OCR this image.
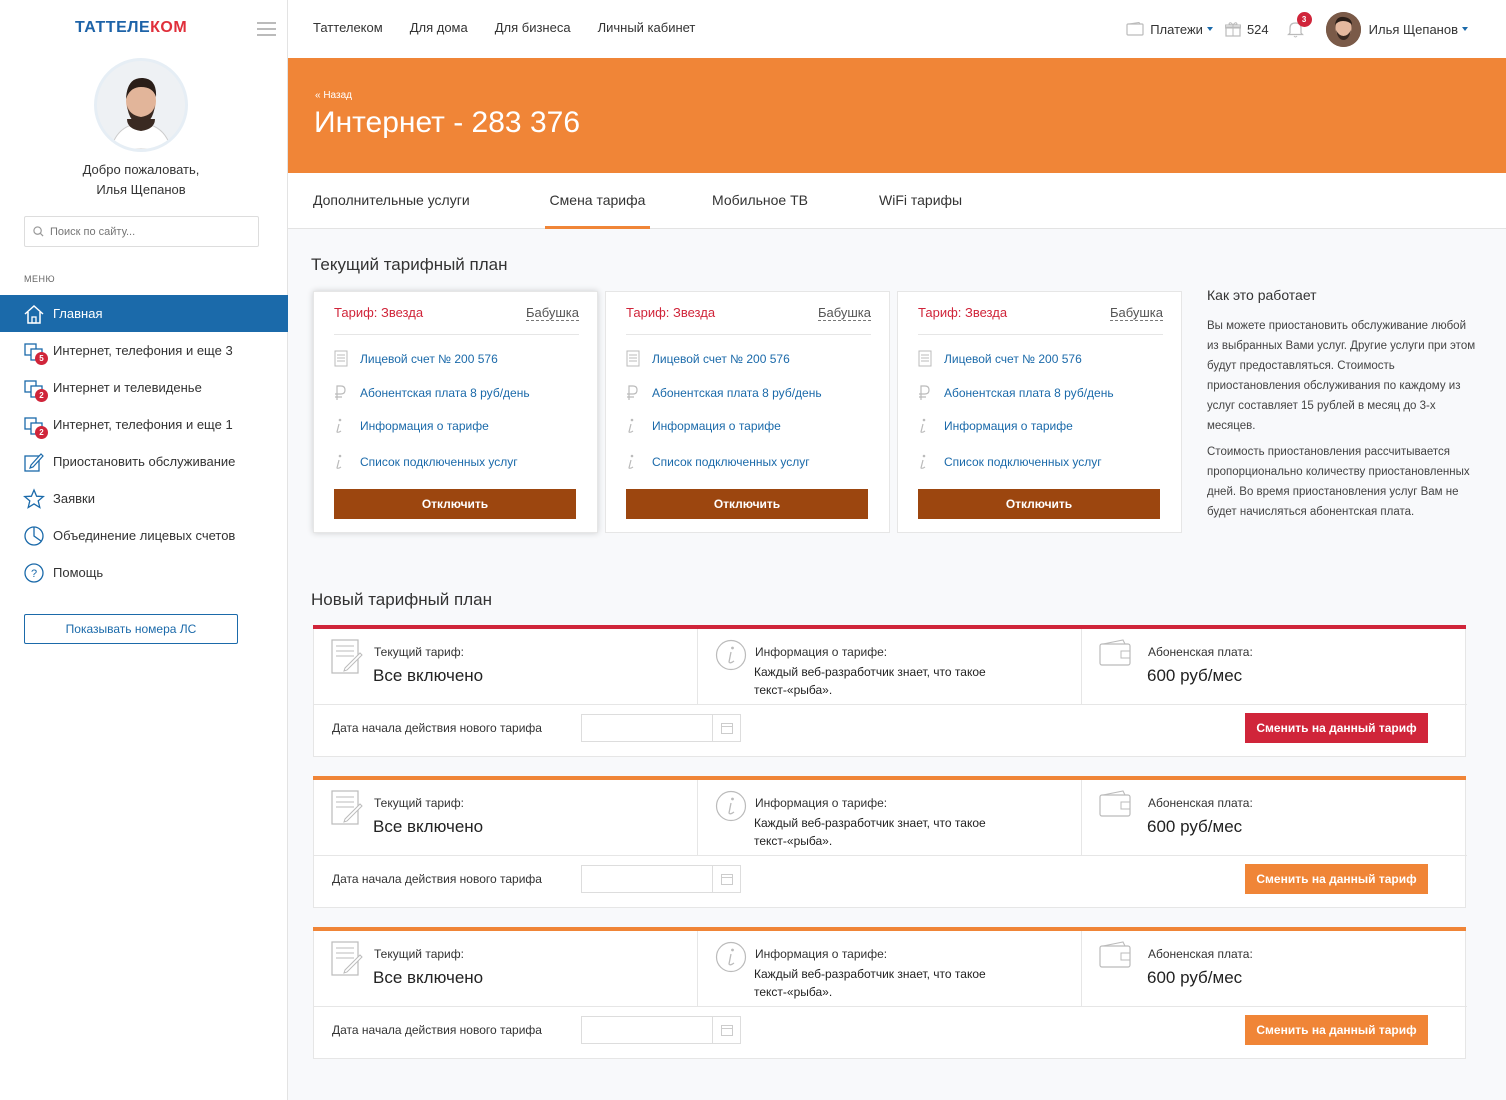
ТАТТЕЛЕКОМ
Добро пожаловать,
Илья Щепанов
Поиск по сайту...
МЕНЮ
Главная
5 Интернет, телефония и еще 3
2 Интернет и телевиденье
2 Интернет, телефония и еще 1
Приостановить обслуживание
Заявки
Объединение лицевых счетов
? Помощь
Показывать номера ЛС
Таттелеком Для дома Для бизнеса Личный кабинет	Платежи	524
3
Илья Щепанов
« Назад
Интернет - 283 376
Дополнительные услуги	Смена тарифа	Мобильное ТВ	WiFi тарифы
Текущий тарифный план
Тариф: Звезда	Бабушка
Лицевой счет № 200 576
Абонентская плата 8 руб/день
Информация о тарифе
Список подключенных услуг
Отключить
Тариф: Звезда	Бабушка
Лицевой счет № 200 576
Абонентская плата 8 руб/день
Информация о тарифе
Список подключенных услуг
Отключить
Тариф: Звезда	Бабушка
Лицевой счет № 200 576
Абонентская плата 8 руб/день
Информация о тарифе
Список подключенных услуг
Отключить
Как это работает

Вы можете приостановить обслуживание любой из выбранных Вами услуг. Другие услуги при этом будут предоставляться. Стоимость приостановления обслуживания по каждому из услуг составляет 15 рублей в месяц до 3-х месяцев.

Стоимость приостановления рассчитывается пропорционально количеству приостановленных дней. Во время приостановления услуг Вам не будет начисляться абонентская плата.

Новый тарифный план
Текущий тариф:
Все включено
Информация о тарифе:
Каждый веб-разработчик знает, что такое текст-«рыба».
Абоненская плата:
600 руб/мес
Дата начала действия нового тарифа	Сменить на данный тариф
Текущий тариф:
Все включено
Информация о тарифе:
Каждый веб-разработчик знает, что такое текст-«рыба».
Абоненская плата:
600 руб/мес
Дата начала действия нового тарифа	Сменить на данный тариф
Текущий тариф:
Все включено
Информация о тарифе:
Каждый веб-разработчик знает, что такое текст-«рыба».
Абоненская плата:
600 руб/мес
Дата начала действия нового тарифа	Сменить на данный тариф
